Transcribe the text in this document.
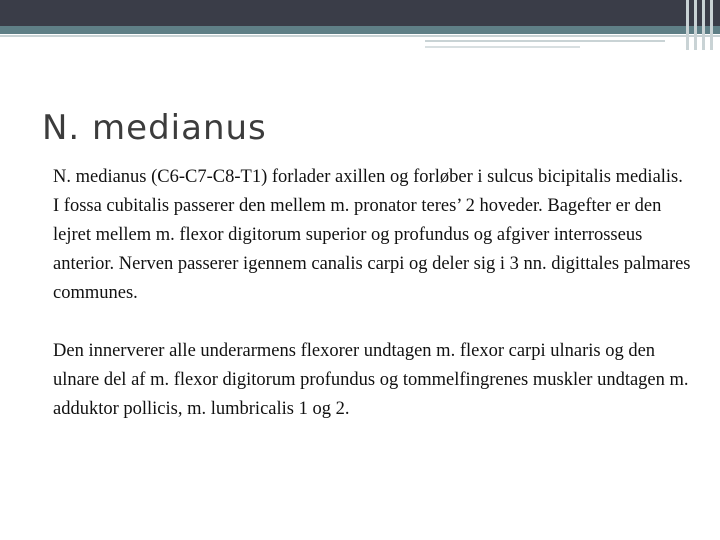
N. medianus

N. medianus (C6-C7-C8-T1) forlader axillen og forløber i sulcus bicipitalis medialis. I fossa cubitalis passerer den mellem m. pronator teres’ 2 hoveder. Bagefter er den lejret mellem m. flexor digitorum superior og profundus og afgiver interrosseus anterior. Nerven passerer igennem canalis carpi og deler sig i 3 nn. digittales palmares communes.

Den innerverer alle underarmens flexorer undtagen m. flexor carpi ulnaris og den ulnare del af m. flexor digitorum profundus og tommelfingrenes muskler undtagen m. adduktor pollicis, m. lumbricalis 1 og 2.
